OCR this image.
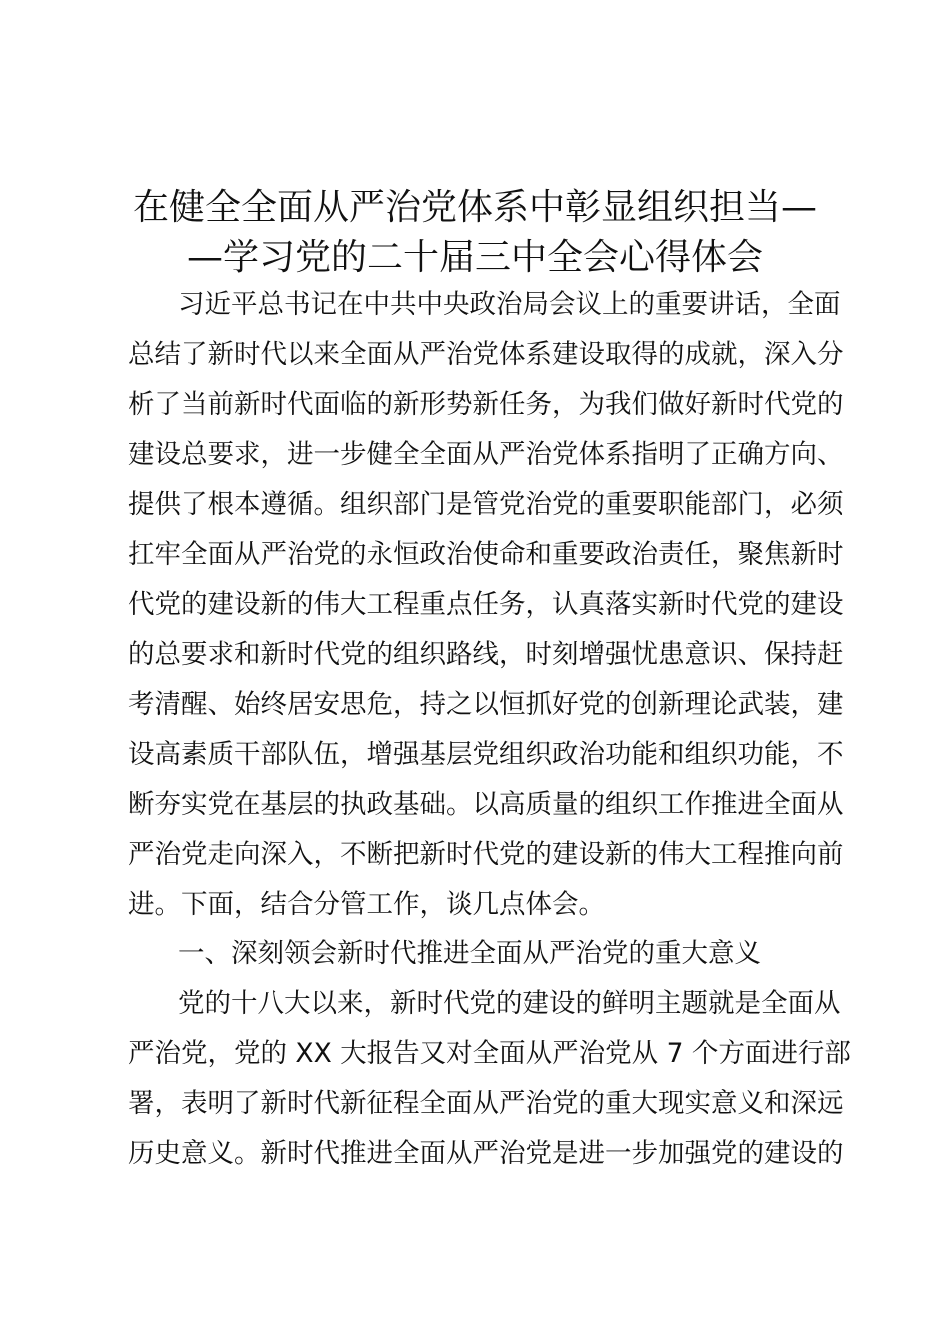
在健全全面从严治党体系中彰显组织担当—
—学习党的二十届三中全会心得体会
习近平总书记在中共中央政治局会议上的重要讲话，全面
总结了新时代以来全面从严治党体系建设取得的成就，深入分
析了当前新时代面临的新形势新任务，为我们做好新时代党的
建设总要求，进一步健全全面从严治党体系指明了正确方向、
提供了根本遵循。组织部门是管党治党的重要职能部门，必须
扛牢全面从严治党的永恒政治使命和重要政治责任，聚焦新时
代党的建设新的伟大工程重点任务，认真落实新时代党的建设
的总要求和新时代党的组织路线，时刻增强忧患意识、保持赶
考清醒、始终居安思危，持之以恒抓好党的创新理论武装，建
设高素质干部队伍，增强基层党组织政治功能和组织功能，不
断夯实党在基层的执政基础。以高质量的组织工作推进全面从
严治党走向深入，不断把新时代党的建设新的伟大工程推向前
进。下面，结合分管工作，谈几点体会。
一、深刻领会新时代推进全面从严治党的重大意义
党的十八大以来，新时代党的建设的鲜明主题就是全面从
严治党，党的 XX 大报告又对全面从严治党从 7 个方面进行部
署，表明了新时代新征程全面从严治党的重大现实意义和深远
历史意义。新时代推进全面从严治党是进一步加强党的建设的
